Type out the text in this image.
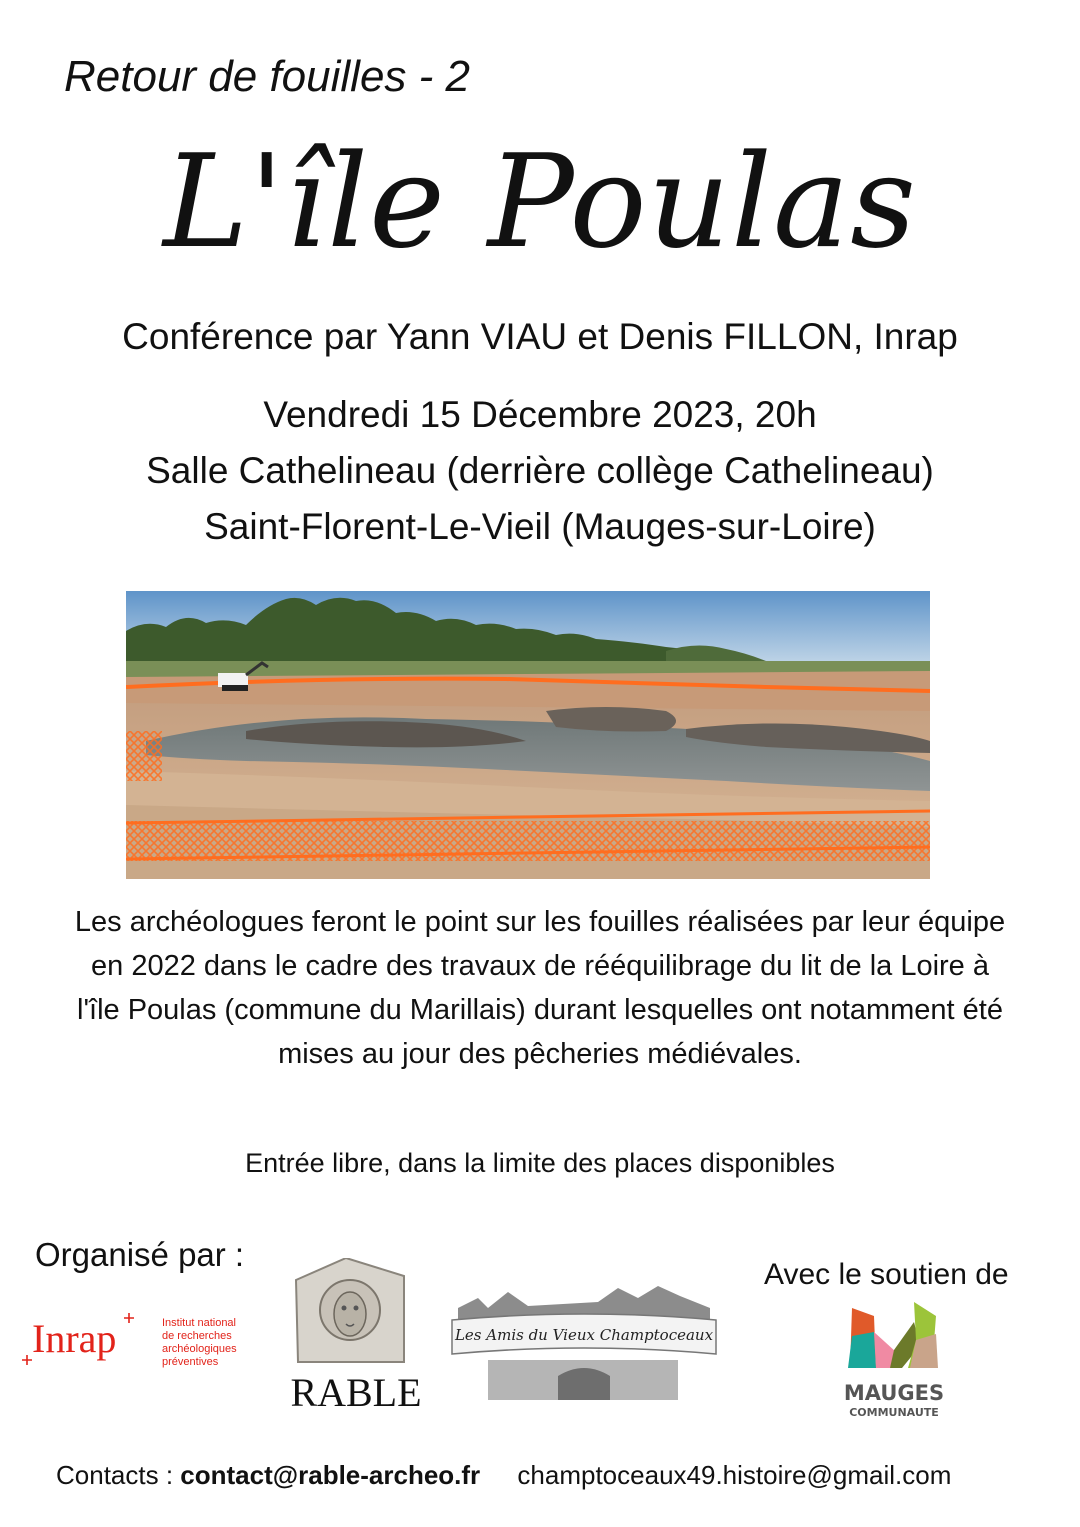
Retour de fouilles - 2
L'île Poulas
Conférence par Yann VIAU et Denis FILLON, Inrap
Vendredi 15 Décembre 2023, 20h
Salle Cathelineau (derrière collège Cathelineau)
Saint-Florent-Le-Vieil (Mauges-sur-Loire)
Les archéologues feront le point sur les fouilles réalisées par leur équipe en 2022 dans le cadre des travaux de rééquilibrage du lit de la Loire à l'île Poulas (commune du Marillais) durant lesquelles ont notamment été mises au jour des pêcheries médiévales.
Entrée libre, dans la limite des places disponibles
Organisé par :
Avec le soutien de
Inrap	Institut national
de recherches
archéologiques
préventives
RABLE
Les Amis du Vieux Champtoceaux
MAUGES
COMMUNAUTE
Contacts : contact@rable-archeo.fr champtoceaux49.histoire@gmail.com
